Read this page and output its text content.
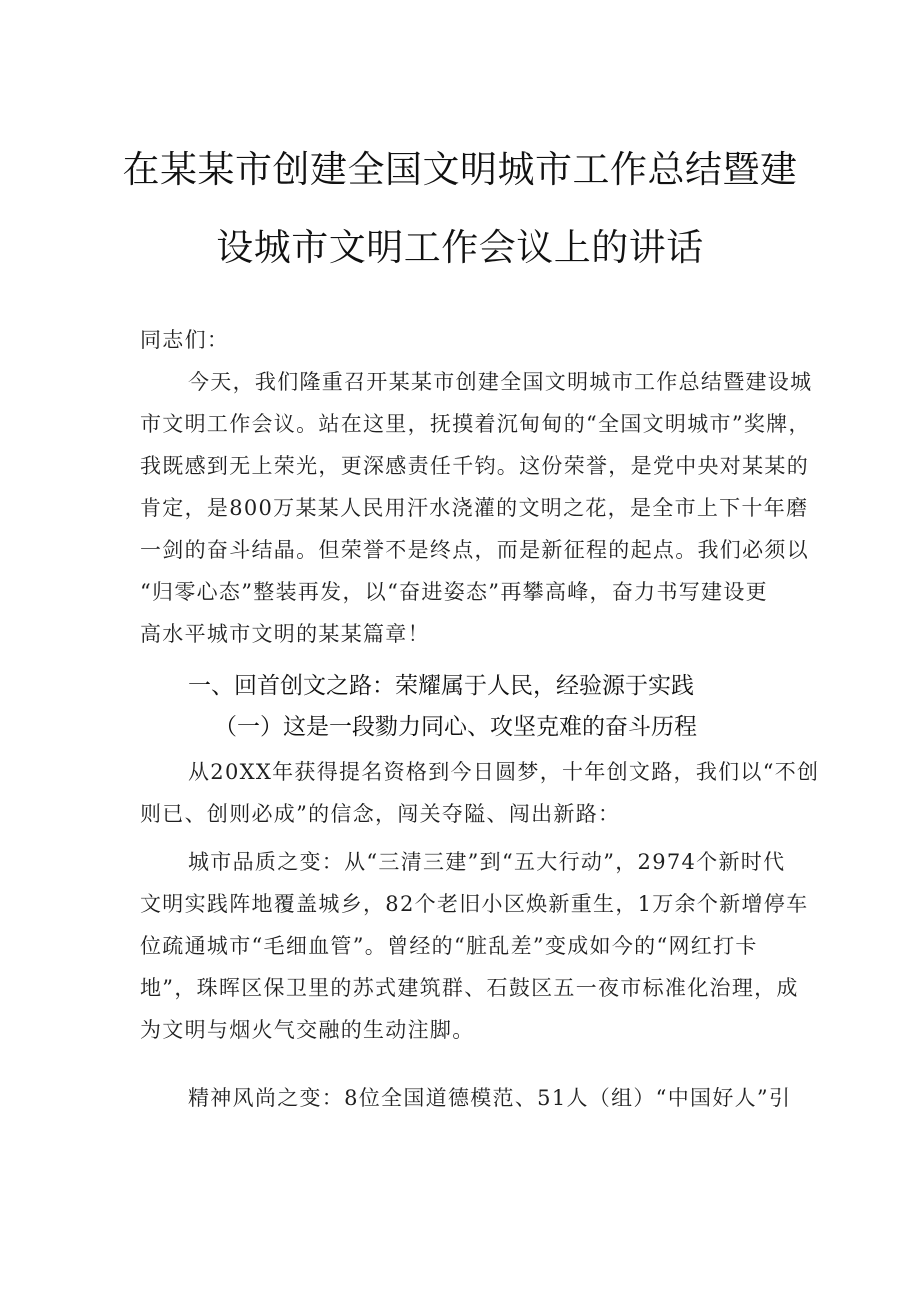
在某某市创建全国文明城市工作总结暨建
设城市文明工作会议上的讲话
同志们：
今天，我们隆重召开某某市创建全国文明城市工作总结暨建设城
市文明工作会议。站在这里，抚摸着沉甸甸的“全国文明城市”奖牌，
我既感到无上荣光，更深感责任千钧。这份荣誉，是党中央对某某的
肯定，是800万某某人民用汗水浇灌的文明之花，是全市上下十年磨
一剑的奋斗结晶。但荣誉不是终点，而是新征程的起点。我们必须以
“归零心态”整装再发，以“奋进姿态”再攀高峰，奋力书写建设更
高水平城市文明的某某篇章！
从20XX年获得提名资格到今日圆梦，十年创文路，我们以“不创
则已、创则必成”的信念，闯关夺隘、闯出新路：
城市品质之变：从“三清三建”到“五大行动”，2974个新时代
文明实践阵地覆盖城乡，82个老旧小区焕新重生，1万余个新增停车
位疏通城市“毛细血管”。曾经的“脏乱差”变成如今的“网红打卡
地”，珠晖区保卫里的苏式建筑群、石鼓区五一夜市标准化治理，成
为文明与烟火气交融的生动注脚。
精神风尚之变：8位全国道德模范、51人（组）“中国好人”引
一、回首创文之路：荣耀属于人民，经验源于实践
（一）这是一段勠力同心、攻坚克难的奋斗历程
